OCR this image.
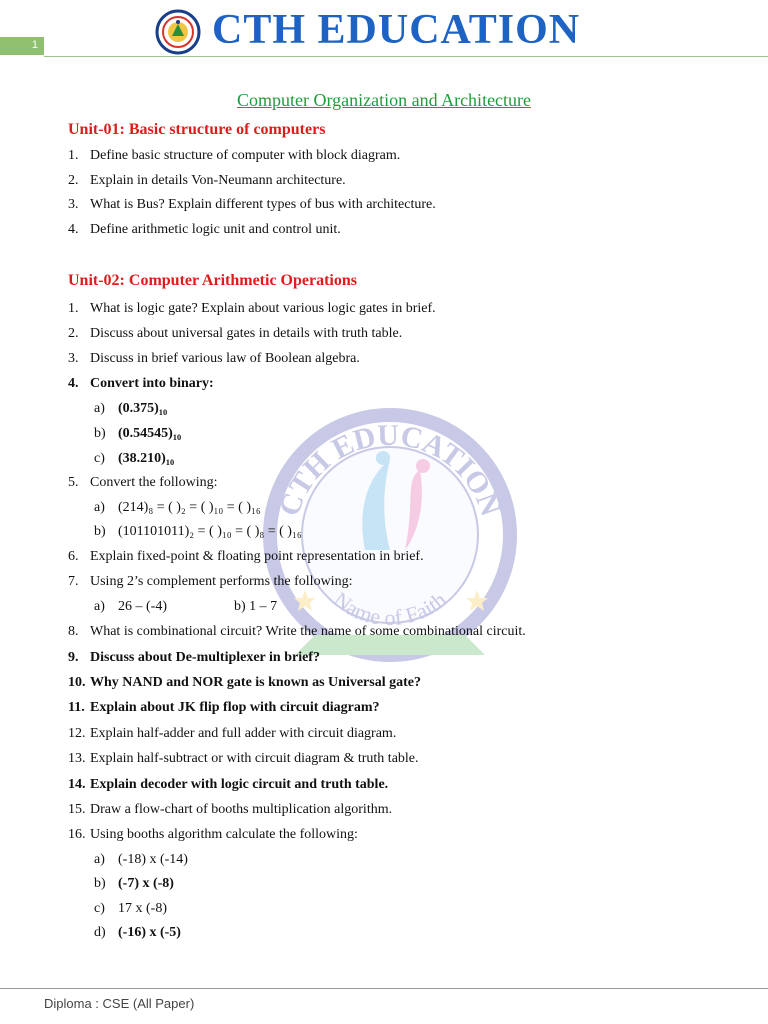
1	CTH EDUCATION
CTH EDUCATION
Name of Faith
Computer Organization and Architecture
Unit-01: Basic structure of computers
1. Define basic structure of computer with block diagram.
2. Explain in details Von-Neumann architecture.
3. What is Bus? Explain different types of bus with architecture.
4. Define arithmetic logic unit and control unit.
Unit-02: Computer Arithmetic Operations
1. What is logic gate? Explain about various logic gates in brief.
2. Discuss about universal gates in details with truth table.
3. Discuss in brief various law of Boolean algebra.
4. Convert into binary:
a) (0.375)₁₀
b) (0.54545)₁₀
c) (38.210)₁₀
5. Convert the following:
a) (214)₈ = ( )₂ = ( )₁₀ = ( )₁₆
b) (101101011)₂ = ( )₁₀ = ( )₈ = ( )₁₆
6. Explain fixed-point & floating point representation in brief.
7. Using 2’s complement performs the following:
a) 26 – (-4)	b) 1 – 7
8. What is combinational circuit? Write the name of some combinational circuit.
9. Discuss about De-multiplexer in brief?
10. Why NAND and NOR gate is known as Universal gate?
11. Explain about JK flip flop with circuit diagram?
12. Explain half-adder and full adder with circuit diagram.
13. Explain half-subtract or with circuit diagram & truth table.
14. Explain decoder with logic circuit and truth table.
15. Draw a flow-chart of booths multiplication algorithm.
16. Using booths algorithm calculate the following:
a) (-18) x (-14)
b) (-7) x (-8)
c) 17 x (-8)
d) (-16) x (-5)
Diploma : CSE (All Paper)
